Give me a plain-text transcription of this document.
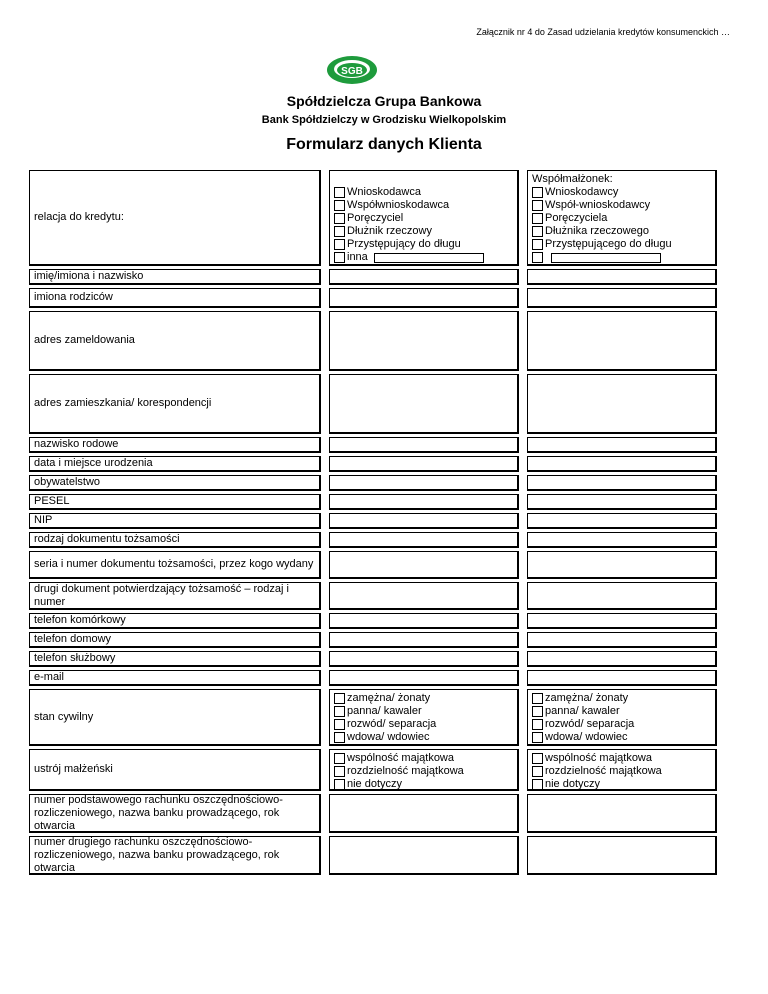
Załącznik nr 4 do Zasad udzielania kredytów konsumenckich …
SGB
Spółdzielcza Grupa Bankowa
Bank Spółdzielczy w Grodzisku Wielkopolskim
Formularz danych Klienta
relacja do kredytu:
Wnioskodawca
Współwnioskodawca
Poręczyciel
Dłużnik rzeczowy
Przystępujący do długu
inna
Współmałżonek:
Wnioskodawcy
Współ-wnioskodawcy
Poręczyciela
Dłużnika rzeczowego
Przystępującego do długu
imię/imiona i nazwisko
imiona rodziców
adres zameldowania
adres zamieszkania/ korespondencji
nazwisko rodowe
data i miejsce urodzenia
obywatelstwo
PESEL
NIP
rodzaj dokumentu tożsamości
seria i numer dokumentu tożsamości, przez kogo wydany
drugi dokument potwierdzający tożsamość – rodzaj i numer
telefon komórkowy
telefon domowy
telefon służbowy
e-mail
stan cywilny
zamężna/ żonaty
panna/ kawaler
rozwód/ separacja
wdowa/ wdowiec
zamężna/ żonaty
panna/ kawaler
rozwód/ separacja
wdowa/ wdowiec
ustrój małżeński
wspólność majątkowa
rozdzielność majątkowa
nie dotyczy
wspólność majątkowa
rozdzielność majątkowa
nie dotyczy
numer podstawowego rachunku oszczędnościowo-rozliczeniowego, nazwa banku prowadzącego, rok otwarcia
numer drugiego rachunku oszczędnościowo-rozliczeniowego, nazwa banku prowadzącego, rok otwarcia
